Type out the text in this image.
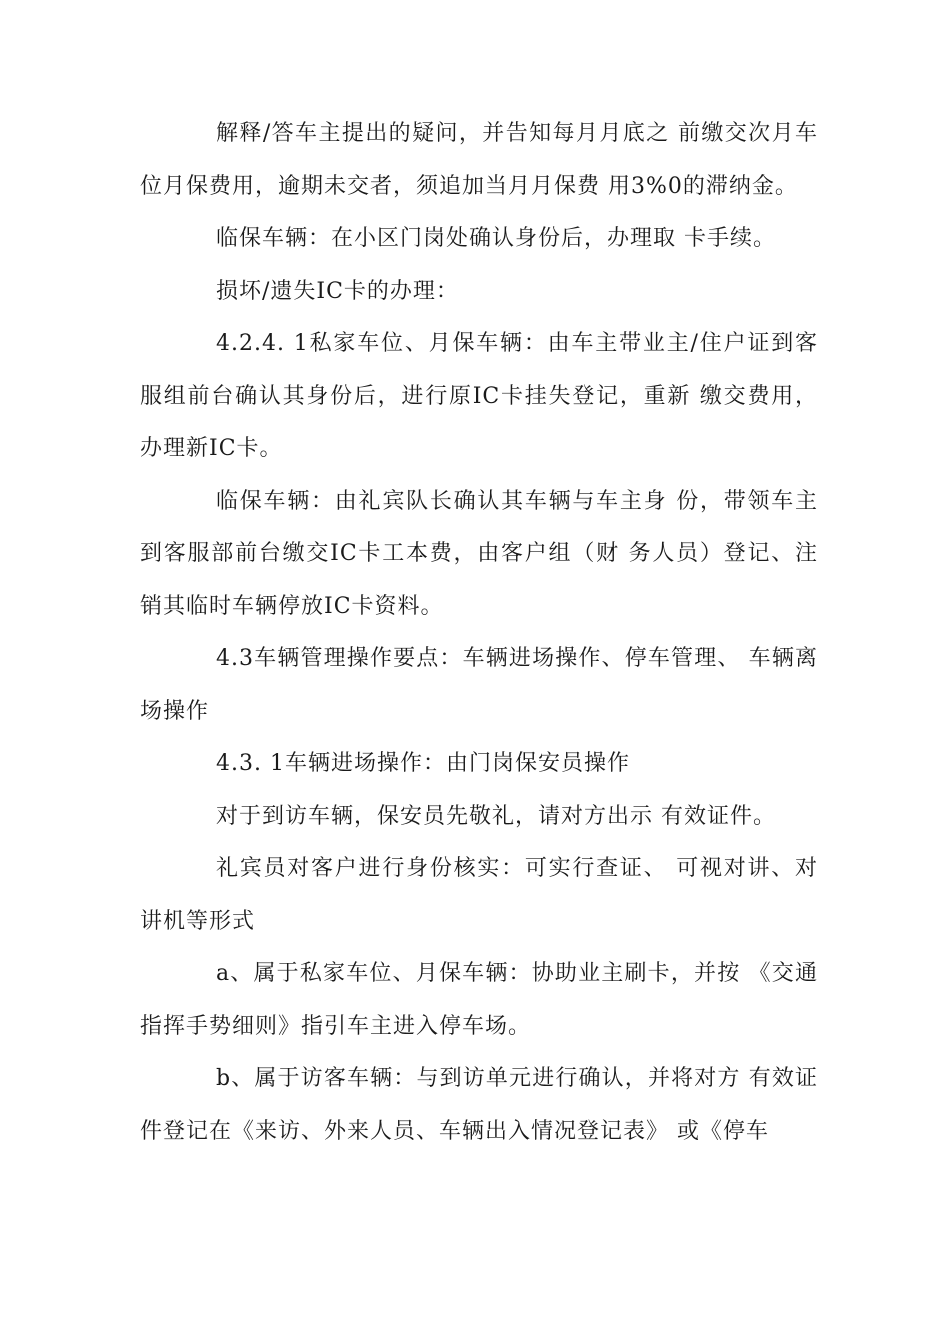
解释/答车主提出的疑问，并告知每月月底之 前缴交次月车位月保费用，逾期未交者，须追加当月月保费 用3%0的滞纳金。

临保车辆：在小区门岗处确认身份后，办理取 卡手续。

损坏/遗失IC卡的办理：

4.2.4. 1私家车位、月保车辆：由车主带业主/住户证到客服组前台确认其身份后，进行原IC卡挂失登记，重新 缴交费用，办理新IC卡。

临保车辆：由礼宾队长确认其车辆与车主身 份，带领车主到客服部前台缴交IC卡工本费，由客户组（财 务人员）登记、注销其临时车辆停放IC卡资料。

4.3车辆管理操作要点：车辆进场操作、停车管理、 车辆离场操作

4.3. 1车辆进场操作：由门岗保安员操作

对于到访车辆，保安员先敬礼，请对方出示 有效证件。

礼宾员对客户进行身份核实：可实行查证、 可视对讲、对讲机等形式

a、属于私家车位、月保车辆：协助业主刷卡，并按 《交通指挥手势细则》指引车主进入停车场。

b、属于访客车辆：与到访单元进行确认，并将对方 有效证件登记在《来访、外来人员、车辆出入情况登记表》 或《停车
